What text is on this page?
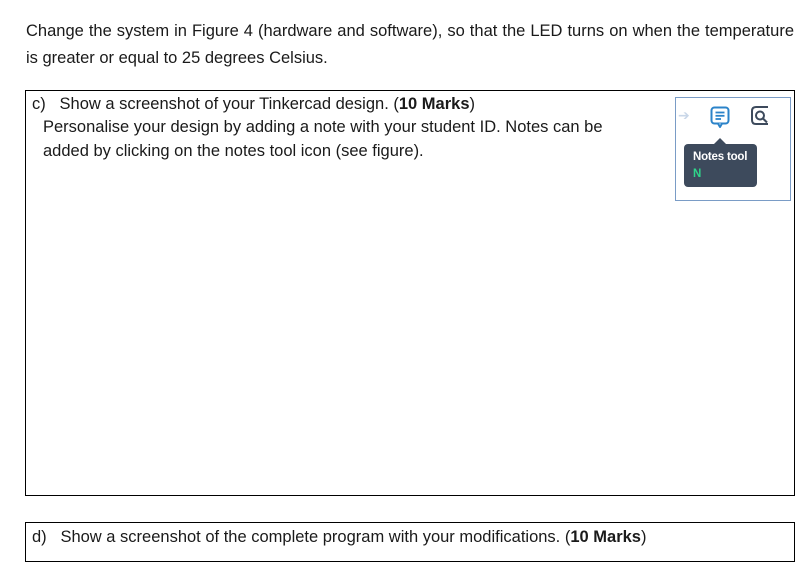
Change the system in Figure 4 (hardware and software), so that the LED turns on when the temperature is greater or equal to 25 degrees Celsius.
c) Show a screenshot of your Tinkercad design. (10 Marks)
Personalise your design by adding a note with your student ID. Notes can be added by clicking on the notes tool icon (see figure).
➔
Notes tool
N
d) Show a screenshot of the complete program with your modifications. (10 Marks)
